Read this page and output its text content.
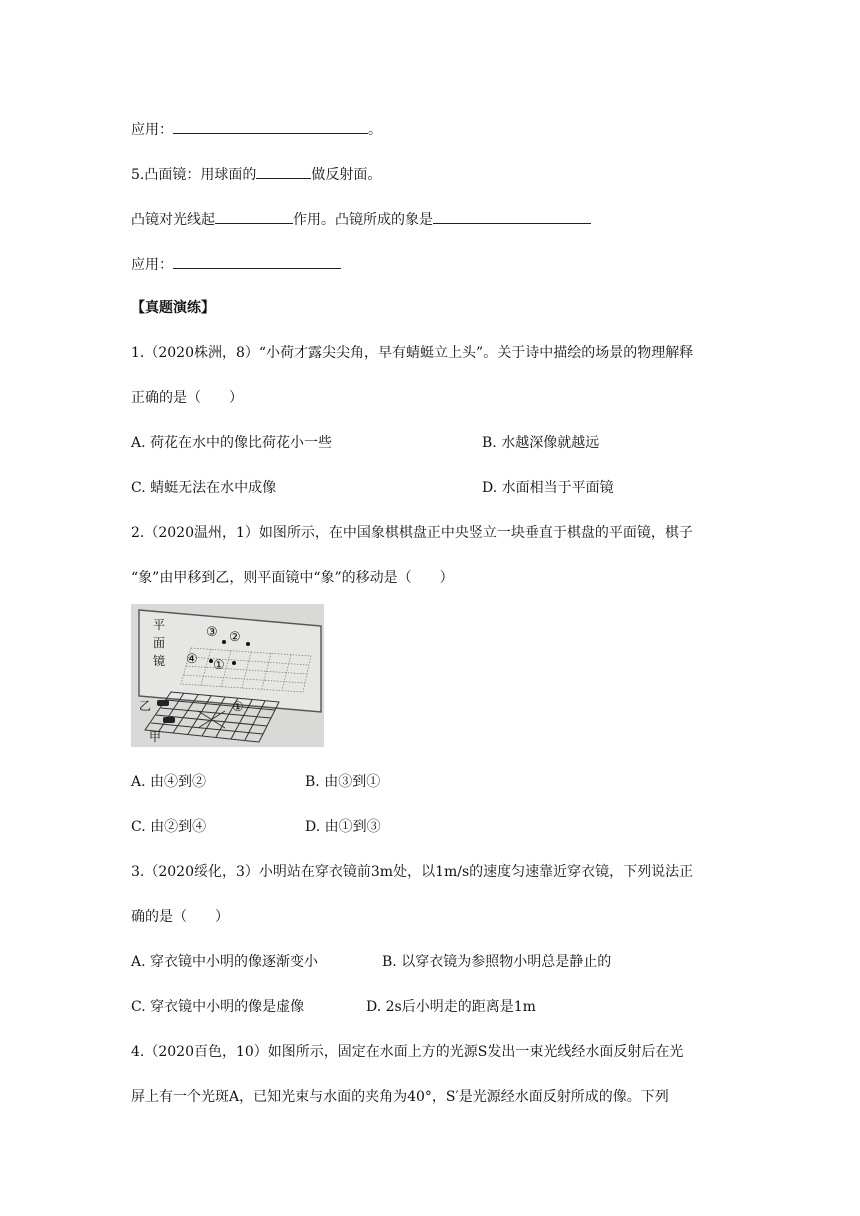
应用：	。
5.凸面镜：用球面的	做反射面。
凸镜对光线起	作用。凸镜所成的象是
应用：
【真题演练】
1.（2020株洲，8）“小荷才露尖尖角，早有蜻蜓立上头”。关于诗中描绘的场景的物理解释
正确的是（　　）
A. 荷花在水中的像比荷花小一些	B. 水越深像就越远
C. 蜻蜓无法在水中成像	D. 水面相当于平面镜
2.（2020温州，1）如图所示，在中国象棋棋盘正中央竖立一块垂直于棋盘的平面镜，棋子
“象”由甲移到乙，则平面镜中“象”的移动是（　　）
平
面
镜
①
③ ②
④ ①
乙
甲
A. 由④到②	B. 由③到①
C. 由②到④	D. 由①到③
3.（2020绥化，3）小明站在穿衣镜前3m处，以1m/s的速度匀速靠近穿衣镜，下列说法正
确的是（　　）
A. 穿衣镜中小明的像逐渐变小	B. 以穿衣镜为参照物小明总是静止的
C. 穿衣镜中小明的像是虚像	D. 2s后小明走的距离是1m
4.（2020百色，10）如图所示，固定在水面上方的光源S发出一束光线经水面反射后在光
屏上有一个光斑A，已知光束与水面的夹角为40°，S′是光源经水面反射所成的像。下列
